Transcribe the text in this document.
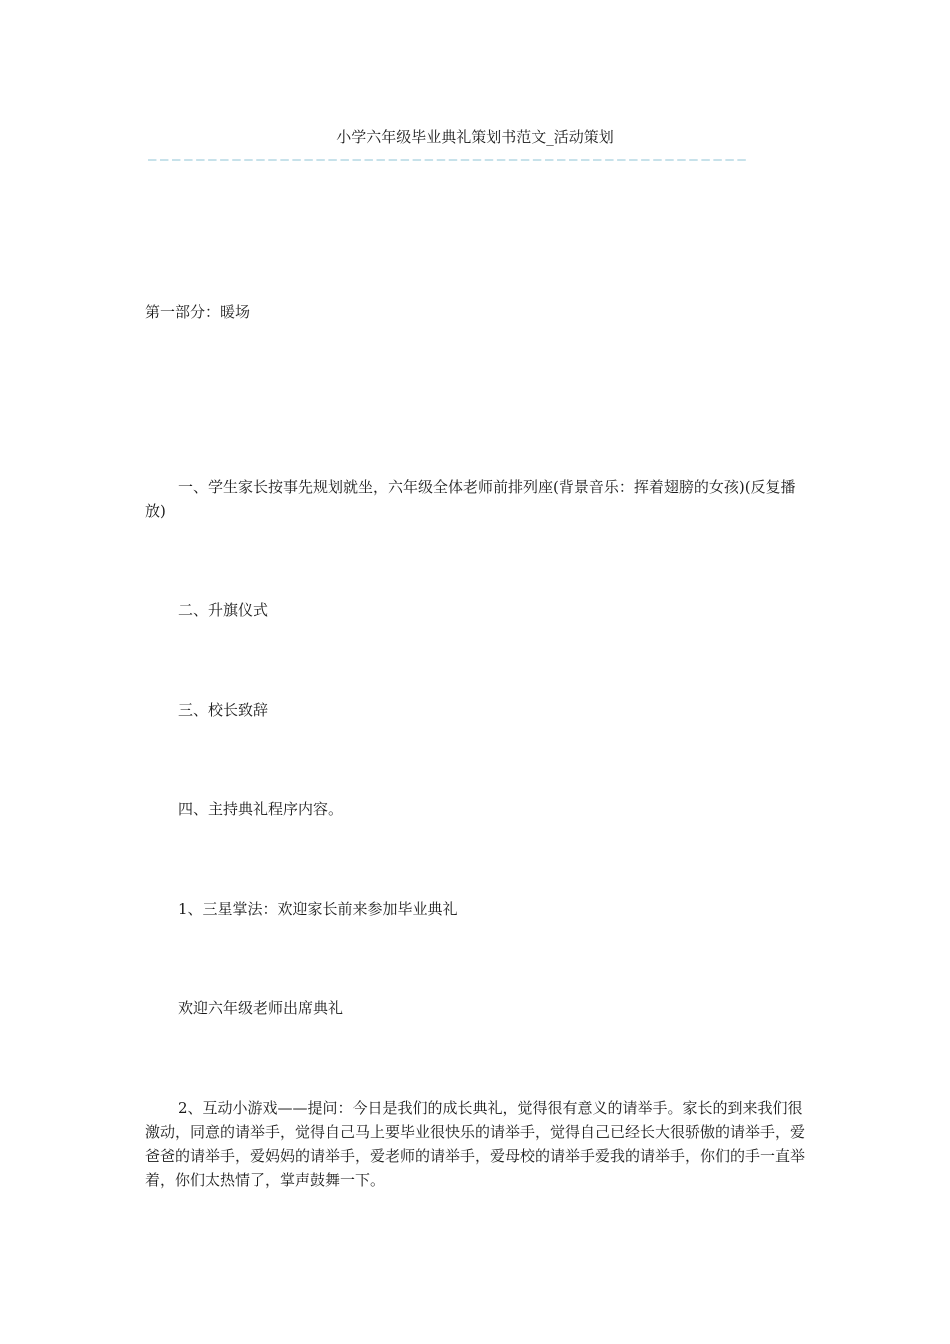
小学六年级毕业典礼策划书范文_活动策划
——————————————————————————————————————————————————

第一部分：暖场

一、学生家长按事先规划就坐，六年级全体老师前排列座(背景音乐：挥着翅膀的女孩)(反复播放)

二、升旗仪式

三、校长致辞

四、主持典礼程序内容。

1、三星掌法：欢迎家长前来参加毕业典礼

欢迎六年级老师出席典礼

2、互动小游戏——提问：今日是我们的成长典礼，觉得很有意义的请举手。家长的到来我们很激动，同意的请举手，觉得自己马上要毕业很快乐的请举手，觉得自己已经长大很骄傲的请举手，爱爸爸的请举手，爱妈妈的请举手，爱老师的请举手，爱母校的请举手爱我的请举手，你们的手一直举着，你们太热情了，掌声鼓舞一下。
